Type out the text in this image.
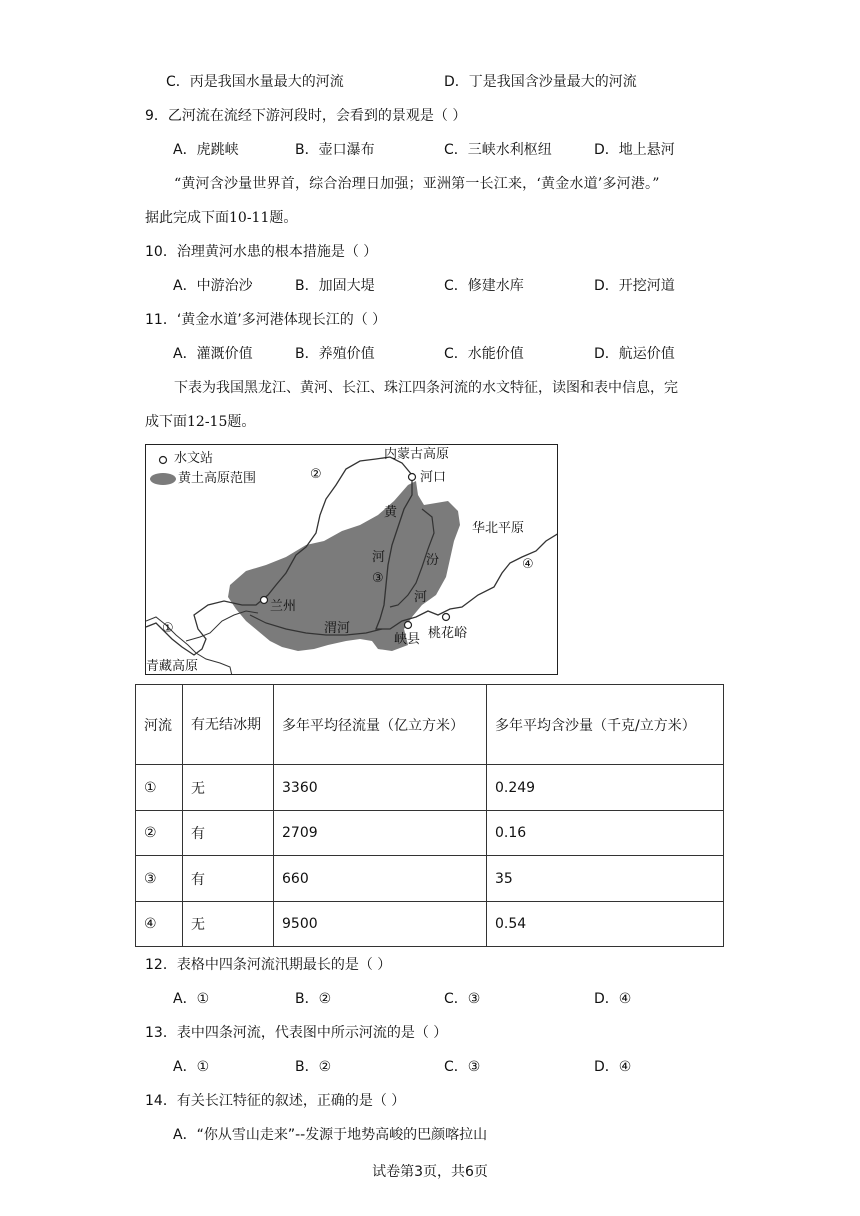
C．丙是我国水量最大的河流	D．丁是我国含沙量最大的河流
9．乙河流在流经下游河段时，会看到的景观是（ ）
A．虎跳峡	B．壶口瀑布	C．三峡水利枢纽	D．地上悬河
“黄河含沙量世界首，综合治理日加强；亚洲第一长江来，‘黄金水道’多河港。”
据此完成下面10-11题。
10．治理黄河水患的根本措施是（ ）
A．中游治沙	B．加固大堤	C．修建水库	D．开挖河道
11．‘黄金水道’多河港体现长江的（ ）
A．灌溉价值	B．养殖价值	C．水能价值	D．航运价值
下表为我国黑龙江、黄河、长江、珠江四条河流的水文特征，读图和表中信息，完
成下面12-15题。
水文站
黄土高原范围
内蒙古高原
河口
黄
河
③
汾
河
华北平原
④
②
兰州
渭河
峡县 桃花峪
①
青藏高原
河流	有无结冰期	多年平均径流量（亿立方米）	多年平均含沙量（千克/立方米）
①	无	3360	0.249
②	有	2709	0.16
③	有	660	35
④	无	9500	0.54
12．表格中四条河流汛期最长的是（ ）
A．①	B．②	C．③	D．④
13．表中四条河流，代表图中所示河流的是（ ）
A．①	B．②	C．③	D．④
14．有关长江特征的叙述，正确的是（ ）
A．“你从雪山走来”--发源于地势高峻的巴颜喀拉山
试卷第3页，共6页
